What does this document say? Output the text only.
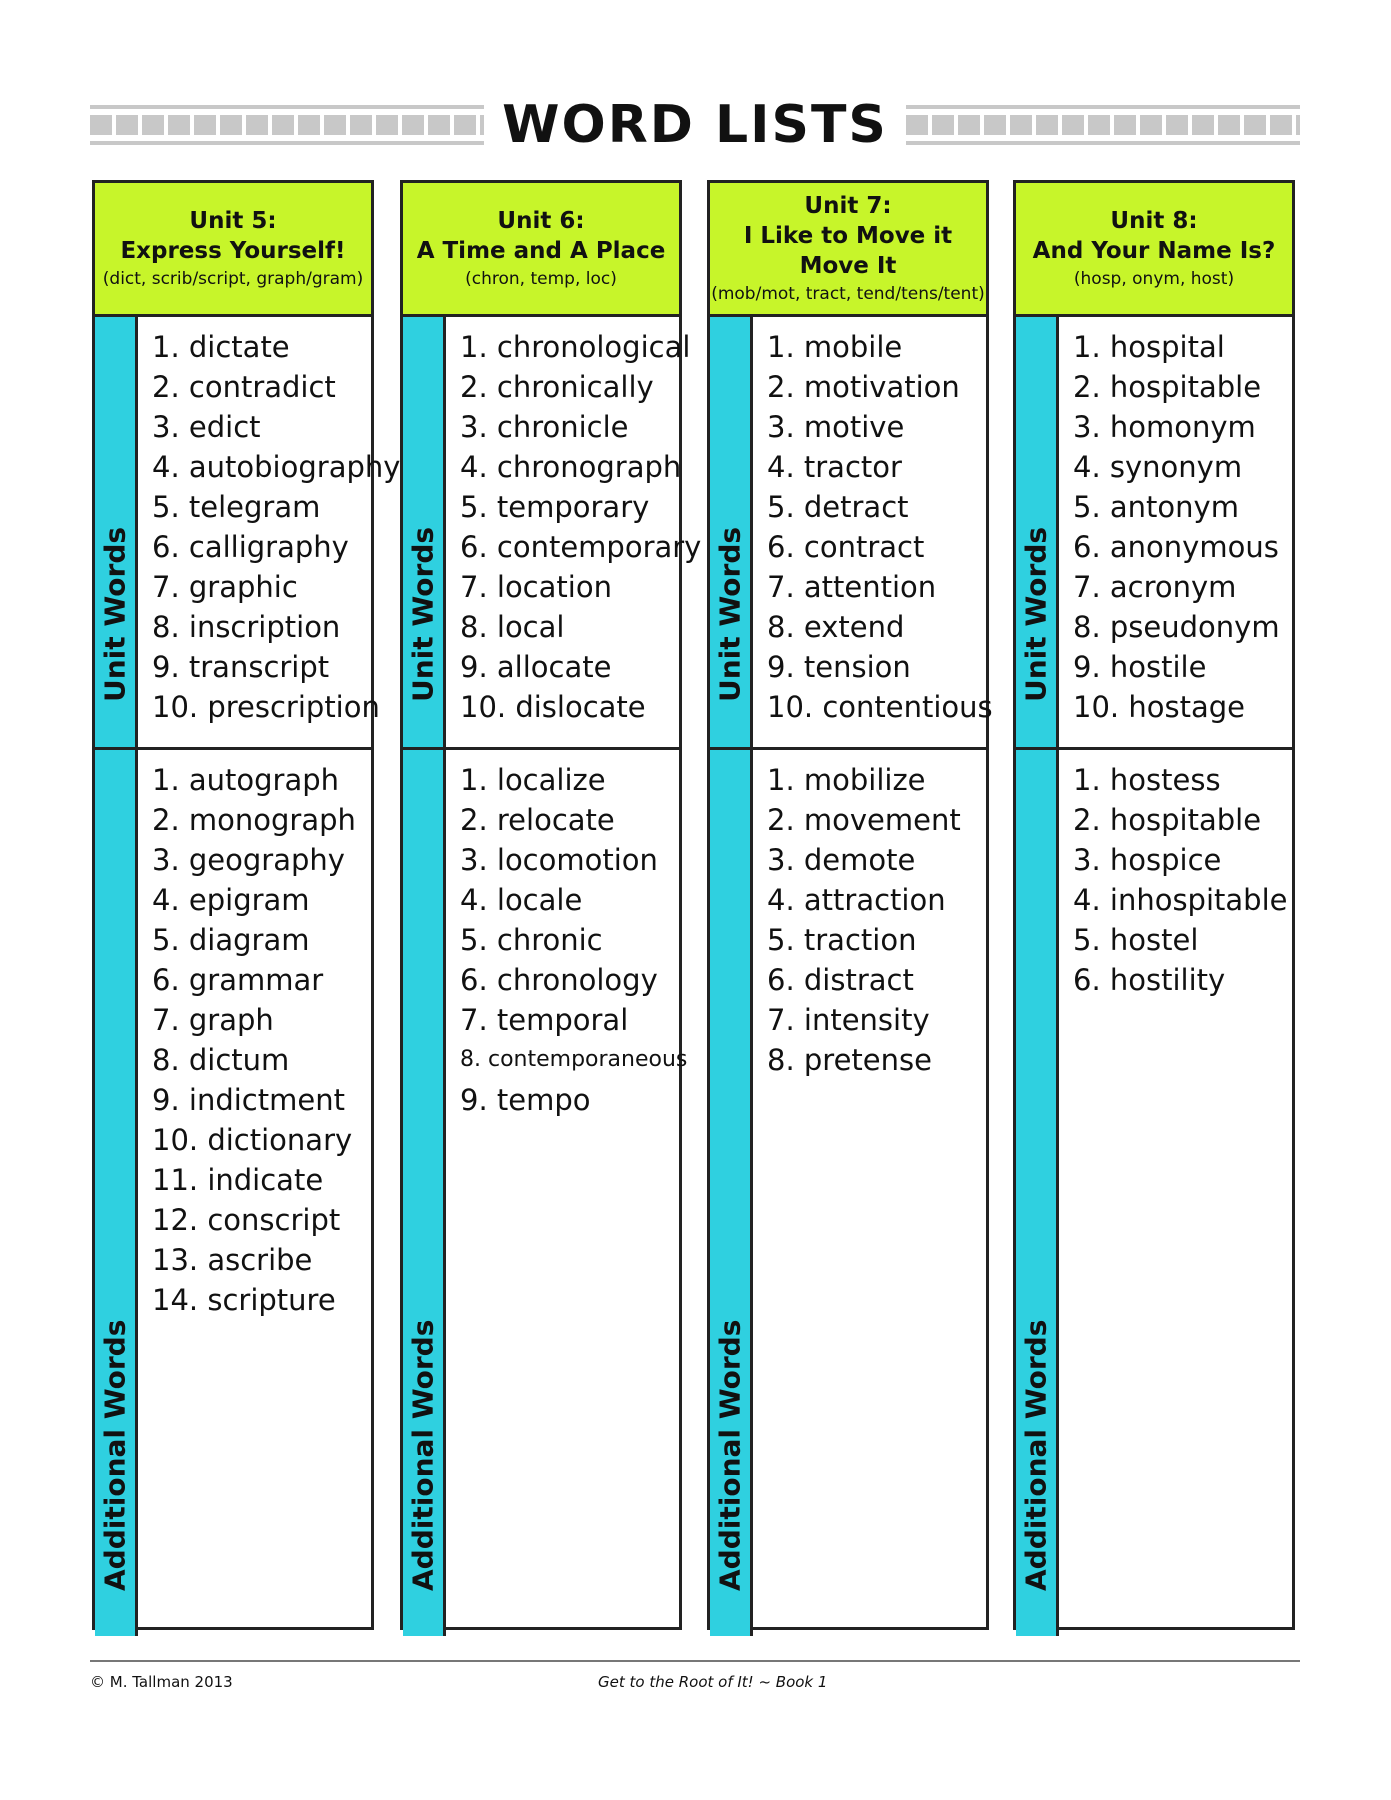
WORD LISTS
Unit 5:
Express Yourself!
(dict, scrib/script, graph/gram)
Unit Words
1. dictate
2. contradict
3. edict
4. autobiography
5. telegram
6. calligraphy
7. graphic
8. inscription
9. transcript
10. prescription
Additional Words
1. autograph
2. monograph
3. geography
4. epigram
5. diagram
6. grammar
7. graph
8. dictum
9. indictment
10. dictionary
11. indicate
12. conscript
13. ascribe
14. scripture
Unit 6:
A Time and A Place
(chron, temp, loc)
Unit Words
1. chronological
2. chronically
3. chronicle
4. chronograph
5. temporary
6. contemporary
7. location
8. local
9. allocate
10. dislocate
Additional Words
1. localize
2. relocate
3. locomotion
4. locale
5. chronic
6. chronology
7. temporal
8. contemporaneous
9. tempo
Unit 7:
I Like to Move it Move It
(mob/mot, tract, tend/tens/tent)
Unit Words
1. mobile
2. motivation
3. motive
4. tractor
5. detract
6. contract
7. attention
8. extend
9. tension
10. contentious
Additional Words
1. mobilize
2. movement
3. demote
4. attraction
5. traction
6. distract
7. intensity
8. pretense
Unit 8:
And Your Name Is?
(hosp, onym, host)
Unit Words
1. hospital
2. hospitable
3. homonym
4. synonym
5. antonym
6. anonymous
7. acronym
8. pseudonym
9. hostile
10. hostage
Additional Words
1. hostess
2. hospitable
3. hospice
4. inhospitable
5. hostel
6. hostility
© M. Tallman 2013	Get to the Root of It! ~ Book 1
